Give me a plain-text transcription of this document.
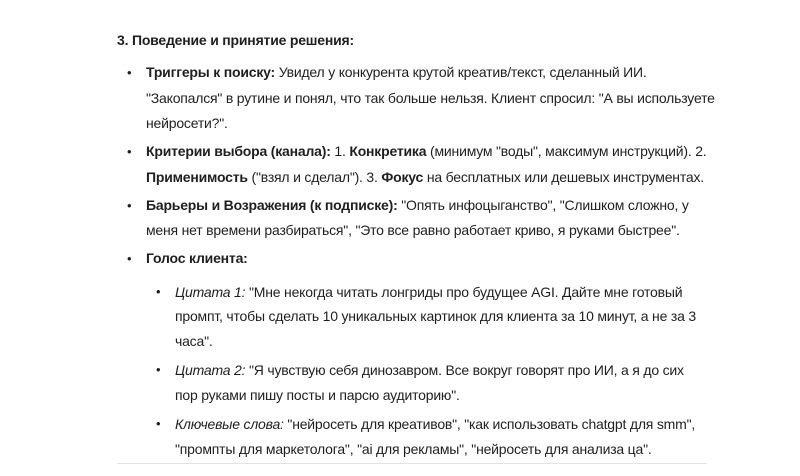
3. Поведение и принятие решения:
• Триггеры к поиску: Увидел у конкурента крутой креатив/текст, сделанный ИИ. "Закопался" в рутине и понял, что так больше нельзя. Клиент спросил: "А вы используете нейросети?".
• Критерии выбора (канала): 1. Конкретика (минимум "воды", максимум инструкций). 2. Применимость ("взял и сделал"). 3. Фокус на бесплатных или дешевых инструментах.
• Барьеры и Возражения (к подписке): "Опять инфоцыганство", "Слишком сложно, у меня нет времени разбираться", "Это все равно работает криво, я руками быстрее".
• Голос клиента:
• Цитата 1: "Мне некогда читать лонгриды про будущее AGI. Дайте мне готовый промпт, чтобы сделать 10 уникальных картинок для клиента за 10 минут, а не за 3 часа".
• Цитата 2: "Я чувствую себя динозавром. Все вокруг говорят про ИИ, а я до сих пор руками пишу посты и парсю аудиторию".
• Ключевые слова: "нейросеть для креативов", "как использовать chatgpt для smm", "промпты для маркетолога", "ai для рекламы", "нейросеть для анализа ца".
